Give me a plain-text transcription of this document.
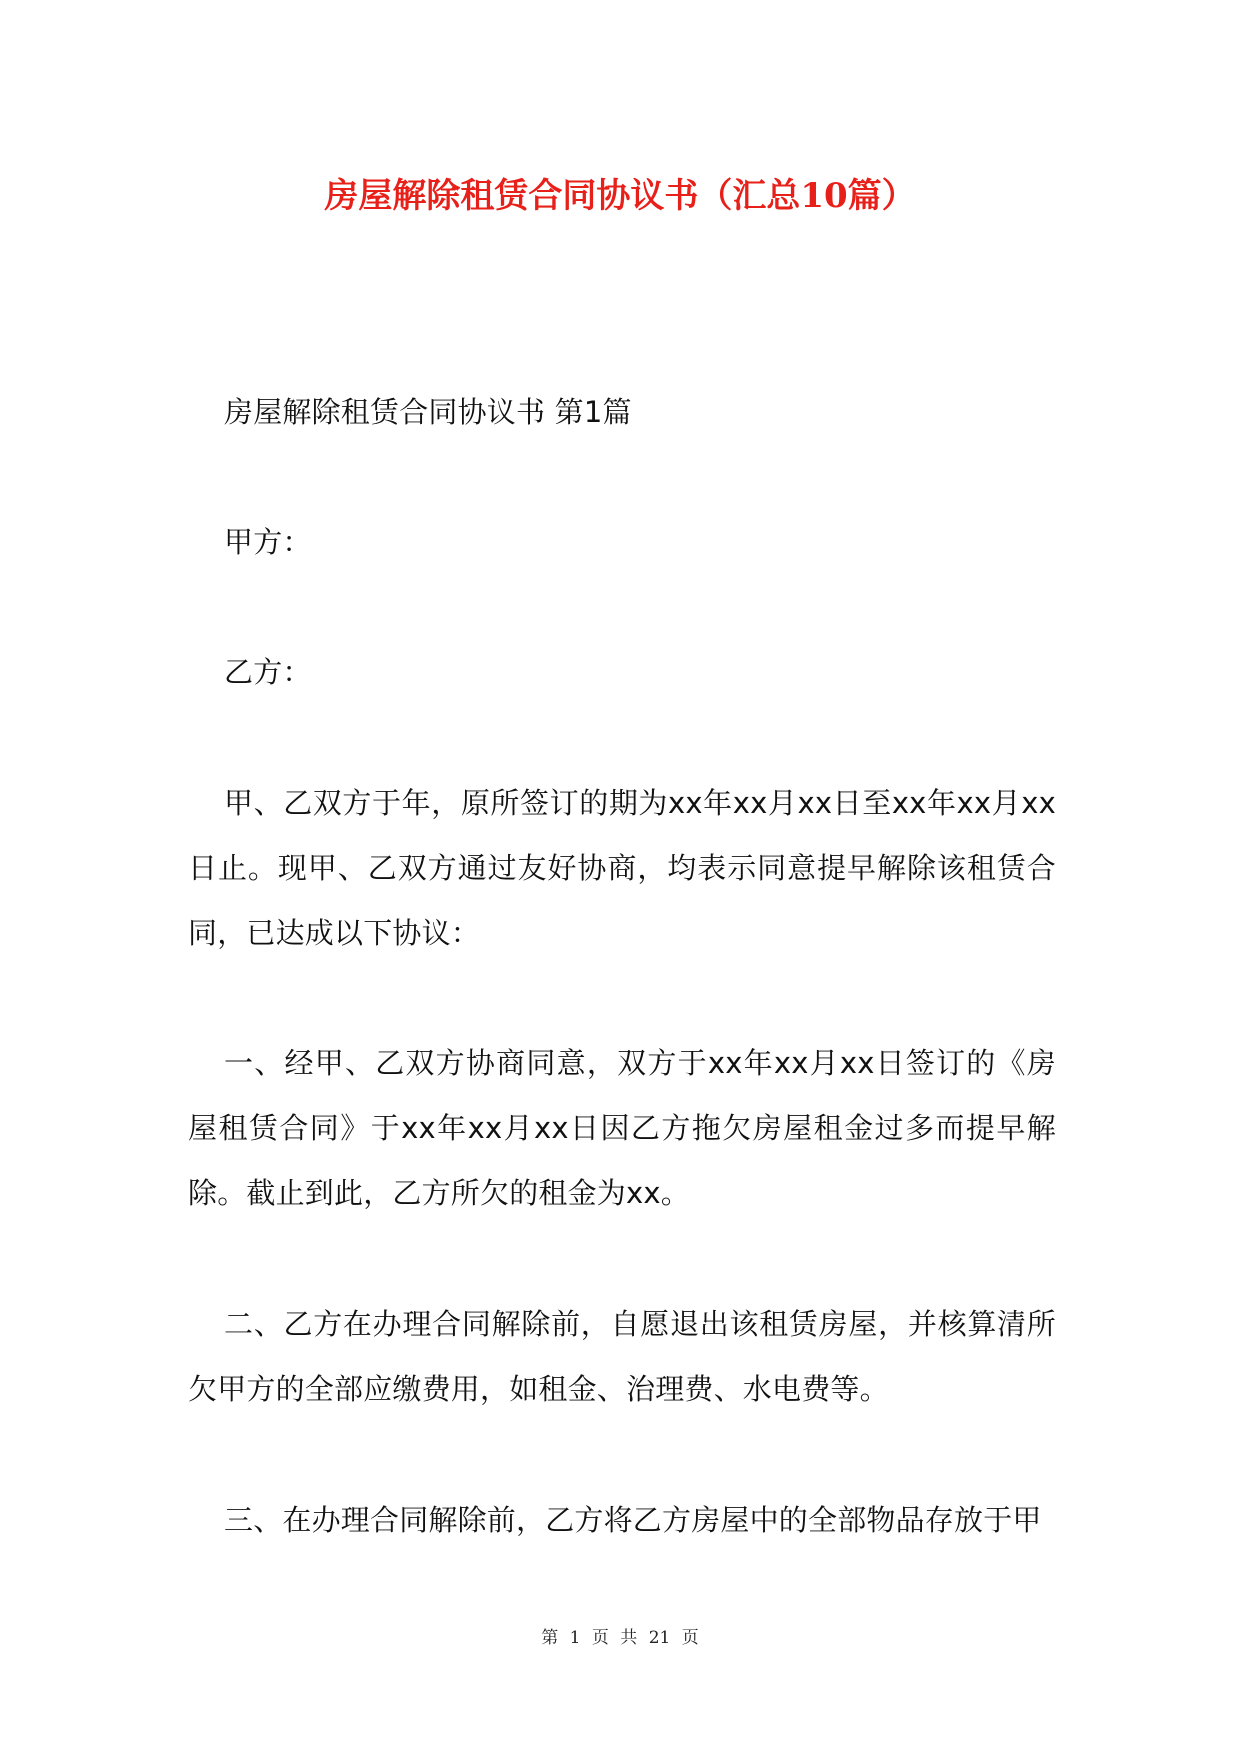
房屋解除租赁合同协议书（汇总10篇）

房屋解除租赁合同协议书 第1篇

甲方：

乙方：

甲、乙双方于年，原所签订的期为xx年xx月xx日至xx年xx月xx日止。现甲、乙双方通过友好协商，均表示同意提早解除该租赁合同，已达成以下协议：

一、经甲、乙双方协商同意，双方于xx年xx月xx日签订的《房屋租赁合同》于xx年xx月xx日因乙方拖欠房屋租金过多而提早解除。截止到此，乙方所欠的租金为xx。

二、乙方在办理合同解除前，自愿退出该租赁房屋，并核算清所欠甲方的全部应缴费用，如租金、治理费、水电费等。

三、在办理合同解除前，乙方将乙方房屋中的全部物品存放于甲

第 1 页 共 21 页
